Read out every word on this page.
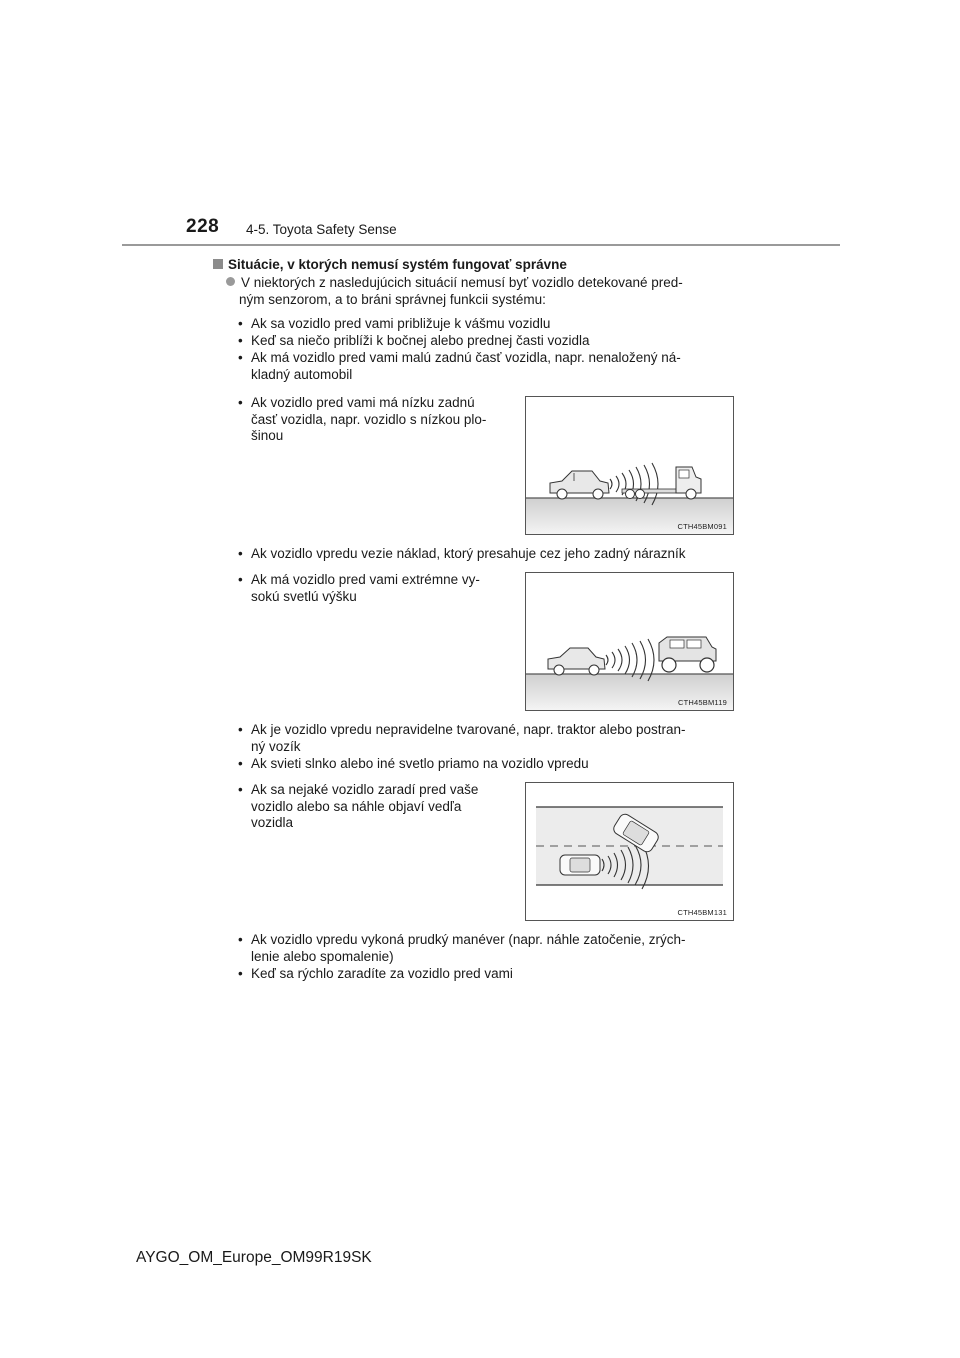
228 4-5. Toyota Safety Sense
Situácie, v ktorých nemusí systém fungovať správne
V niektorých z nasledujúcich situácií nemusí byť vozidlo detekované pred-
ným senzorom, a to bráni správnej funkcii systému:
• Ak sa vozidlo pred vami približuje k vášmu vozidlu
• Keď sa niečo priblíži k bočnej alebo prednej časti vozidla
• Ak má vozidlo pred vami malú zadnú časť vozidla, napr. nenaložený ná-
kladný automobil
• Ak vozidlo pred vami má nízku zadnú
časť vozidla, napr. vozidlo s nízkou plo-
šinou
CTH45BM091
• Ak vozidlo vpredu vezie náklad, ktorý presahuje cez jeho zadný nárazník
• Ak má vozidlo pred vami extrémne vy-
sokú svetlú výšku
CTH45BM119
• Ak je vozidlo vpredu nepravidelne tvarované, napr. traktor alebo postran-
ný vozík
• Ak svieti slnko alebo iné svetlo priamo na vozidlo vpredu
• Ak sa nejaké vozidlo zaradí pred vaše
vozidlo alebo sa náhle objaví vedľa
vozidla
CTH45BM131
• Ak vozidlo vpredu vykoná prudký manéver (napr. náhle zatočenie, zrých-
lenie alebo spomalenie)
• Keď sa rýchlo zaradíte za vozidlo pred vami
AYGO_OM_Europe_OM99R19SK
